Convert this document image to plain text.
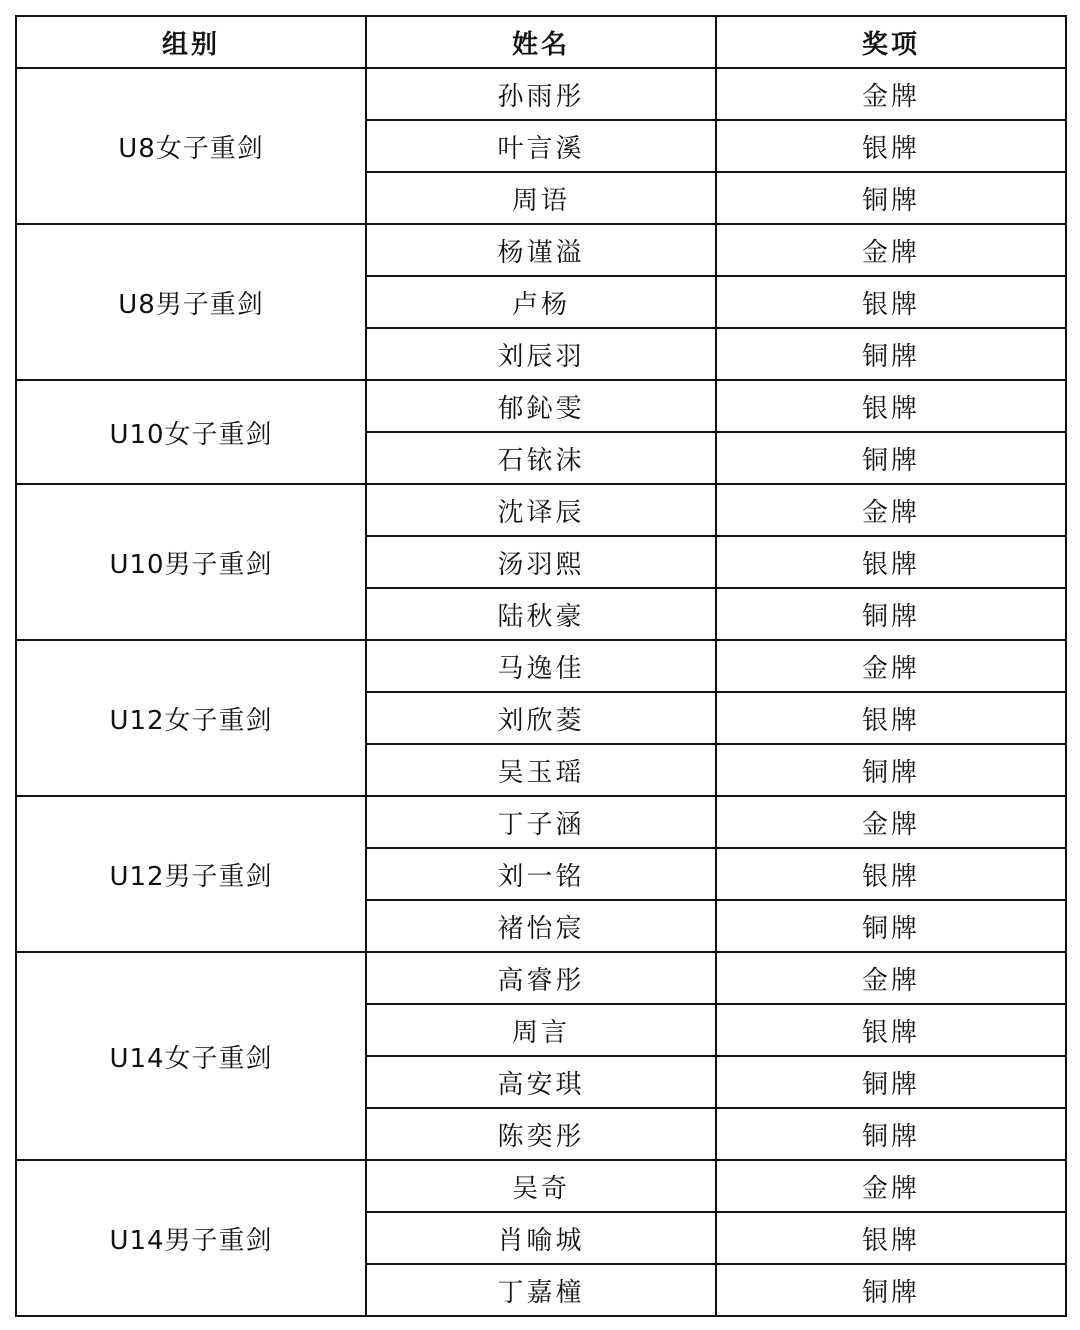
组别	姓名	奖项
U8女子重剑	孙雨彤	金牌
	叶言溪	银牌
	周语	铜牌
U8男子重剑	杨谨溢	金牌
	卢杨	银牌
	刘辰羽	铜牌
U10女子重剑	郁鈊雯	银牌
	石铱沫	铜牌
U10男子重剑	沈译辰	金牌
	汤羽熙	银牌
	陆秋豪	铜牌
U12女子重剑	马逸佳	金牌
	刘欣菱	银牌
	吴玉瑶	铜牌
U12男子重剑	丁子涵	金牌
	刘一铭	银牌
	褚怡宸	铜牌
U14女子重剑	高睿彤	金牌
	周言	银牌
	高安琪	铜牌
	陈奕彤	铜牌
U14男子重剑	吴奇	金牌
	肖喻城	银牌
	丁嘉橦	铜牌
